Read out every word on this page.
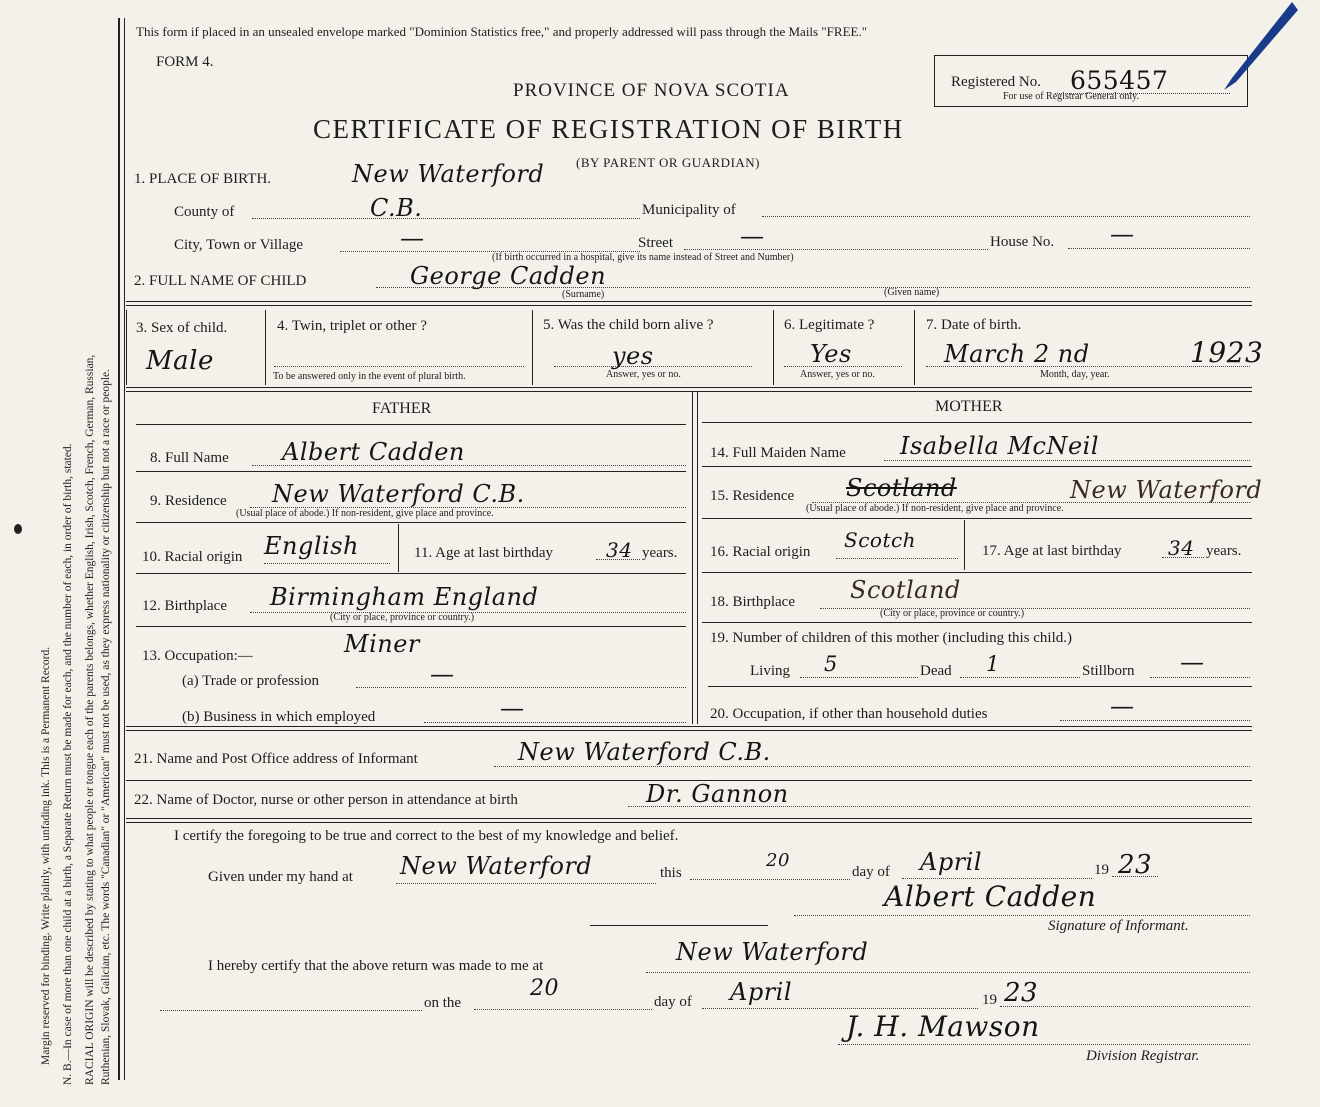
Margin reserved for binding. Write plainly, with unfading ink. This is a Permanent Record. N. B.—In case of more than one child at a birth, a Separate Return must be made for each, and the number of each, in order of birth, stated. RACIAL ORIGIN will be described by stating to what people or tongue each of the parents belongs, whether English, Irish, Scotch, French, German, Russian, Ruthenian, Slovak, Galician, etc. The words "Canadian" or "American" must not be used, as they express nationality or citizenship but not a race or people.
This form if placed in an unsealed envelope marked "Dominion Statistics free," and properly addressed will pass through the Mails "FREE."
FORM 4.
PROVINCE OF NOVA SCOTIA
CERTIFICATE OF REGISTRATION OF BIRTH
(BY PARENT OR GUARDIAN)
Registered No. 655457
For use of Registrar General only.
1. PLACE OF BIRTH.	New Waterford
County of	C.B.	Municipality of
City, Town or Village	—	Street	—	House No. —
(If birth occurred in a hospital, give its name instead of Street and Number)
2. FULL NAME OF CHILD	George Cadden
(Surname)	(Given name)
3. Sex of child.
Male
4. Twin, triplet or other ?
To be answered only in the event of plural birth.
5. Was the child born alive ?
yes
Answer, yes or no.
6. Legitimate ?
Yes
Answer, yes or no.
7. Date of birth.
March 2 nd	1923
Month, day, year.
FATHER
8. Full Name Albert Cadden
9. Residence New Waterford C.B.
(Usual place of abode.) If non-resident, give place and province.
10. Racial origin English	11. Age at last birthday	34 years.
12. Birthplace Birmingham England
(City or place, province or country.)
13. Occupation:—	Miner
(a) Trade or profession	—
(b) Business in which employed	—
MOTHER
14. Full Maiden Name Isabella McNeil
15. Residence Scotland	New Waterford
(Usual place of abode.) If non-resident, give place and province.
16. Racial origin Scotch	17. Age at last birthday 34 years.
18. Birthplace Scotland
(City or place, province or country.)
19. Number of children of this mother (including this child.)
Living 5	Dead 1	Stillborn —
20. Occupation, if other than household duties	—
21. Name and Post Office address of Informant	New Waterford C.B.
22. Name of Doctor, nurse or other person in attendance at birth	Dr. Gannon
I certify the foregoing to be true and correct to the best of my knowledge and belief.
Given under my hand at New Waterford	this
20
day of April	19 23
Albert Cadden
Signature of Informant.
I hereby certify that the above return was made to me at	New Waterford
on the
20
day of April	19 23
J. H. Mawson
Division Registrar.
